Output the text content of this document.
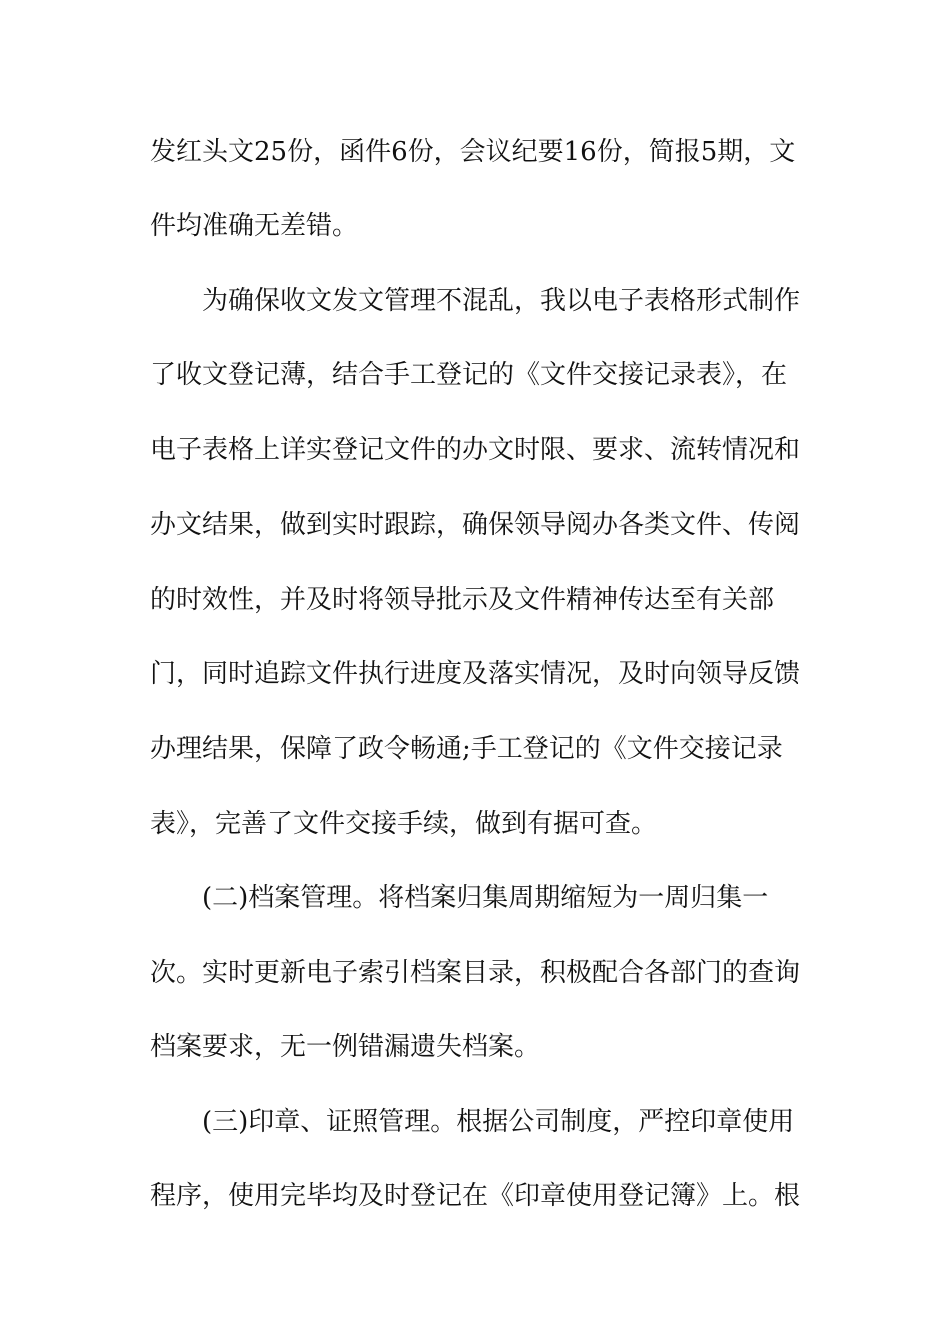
发红头文25份，函件6份，会议纪要16份，简报5期，文
件均准确无差错。
为确保收文发文管理不混乱，我以电子表格形式制作
了收文登记薄，结合手工登记的《文件交接记录表》，在
电子表格上详实登记文件的办文时限、要求、流转情况和
办文结果，做到实时跟踪，确保领导阅办各类文件、传阅
的时效性，并及时将领导批示及文件精神传达至有关部
门，同时追踪文件执行进度及落实情况，及时向领导反馈
办理结果，保障了政令畅通;手工登记的《文件交接记录
表》，完善了文件交接手续，做到有据可查。
(二)档案管理。将档案归集周期缩短为一周归集一
次。实时更新电子索引档案目录，积极配合各部门的查询
档案要求，无一例错漏遗失档案。
(三)印章、证照管理。根据公司制度，严控印章使用
程序，使用完毕均及时登记在《印章使用登记簿》上。根
